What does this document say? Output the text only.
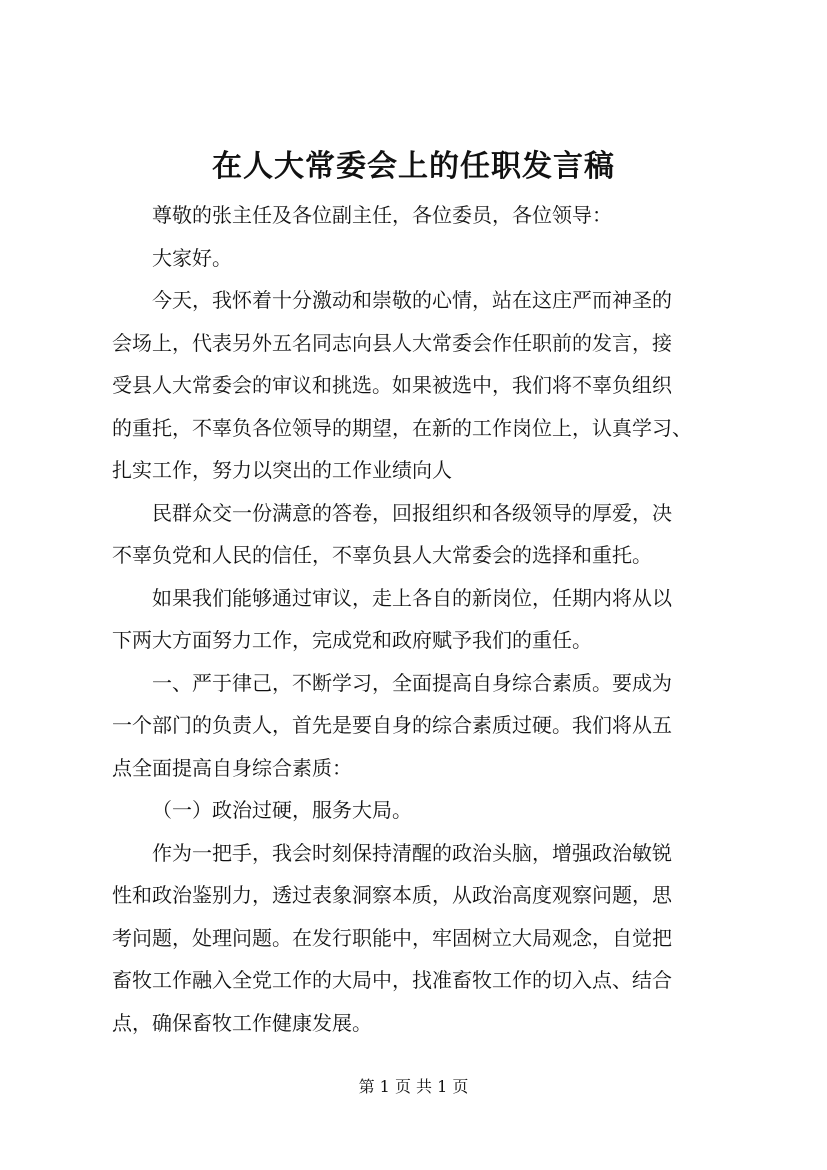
在人大常委会上的任职发言稿

尊敬的张主任及各位副主任，各位委员，各位领导：

大家好。

今天，我怀着十分激动和崇敬的心情，站在这庄严而神圣的

会场上，代表另外五名同志向县人大常委会作任职前的发言，接

受县人大常委会的审议和挑选。如果被选中，我们将不辜负组织

的重托，不辜负各位领导的期望，在新的工作岗位上，认真学习、

扎实工作，努力以突出的工作业绩向人

民群众交一份满意的答卷，回报组织和各级领导的厚爱，决

不辜负党和人民的信任，不辜负县人大常委会的选择和重托。

如果我们能够通过审议，走上各自的新岗位，任期内将从以

下两大方面努力工作，完成党和政府赋予我们的重任。

一、严于律己，不断学习，全面提高自身综合素质。要成为

一个部门的负责人，首先是要自身的综合素质过硬。我们将从五

点全面提高自身综合素质：

（一）政治过硬，服务大局。

作为一把手，我会时刻保持清醒的政治头脑，增强政治敏锐

性和政治鉴别力，透过表象洞察本质，从政治高度观察问题，思

考问题，处理问题。在发行职能中，牢固树立大局观念，自觉把

畜牧工作融入全党工作的大局中，找准畜牧工作的切入点、结合

点，确保畜牧工作健康发展。

第 1 页 共 1 页
